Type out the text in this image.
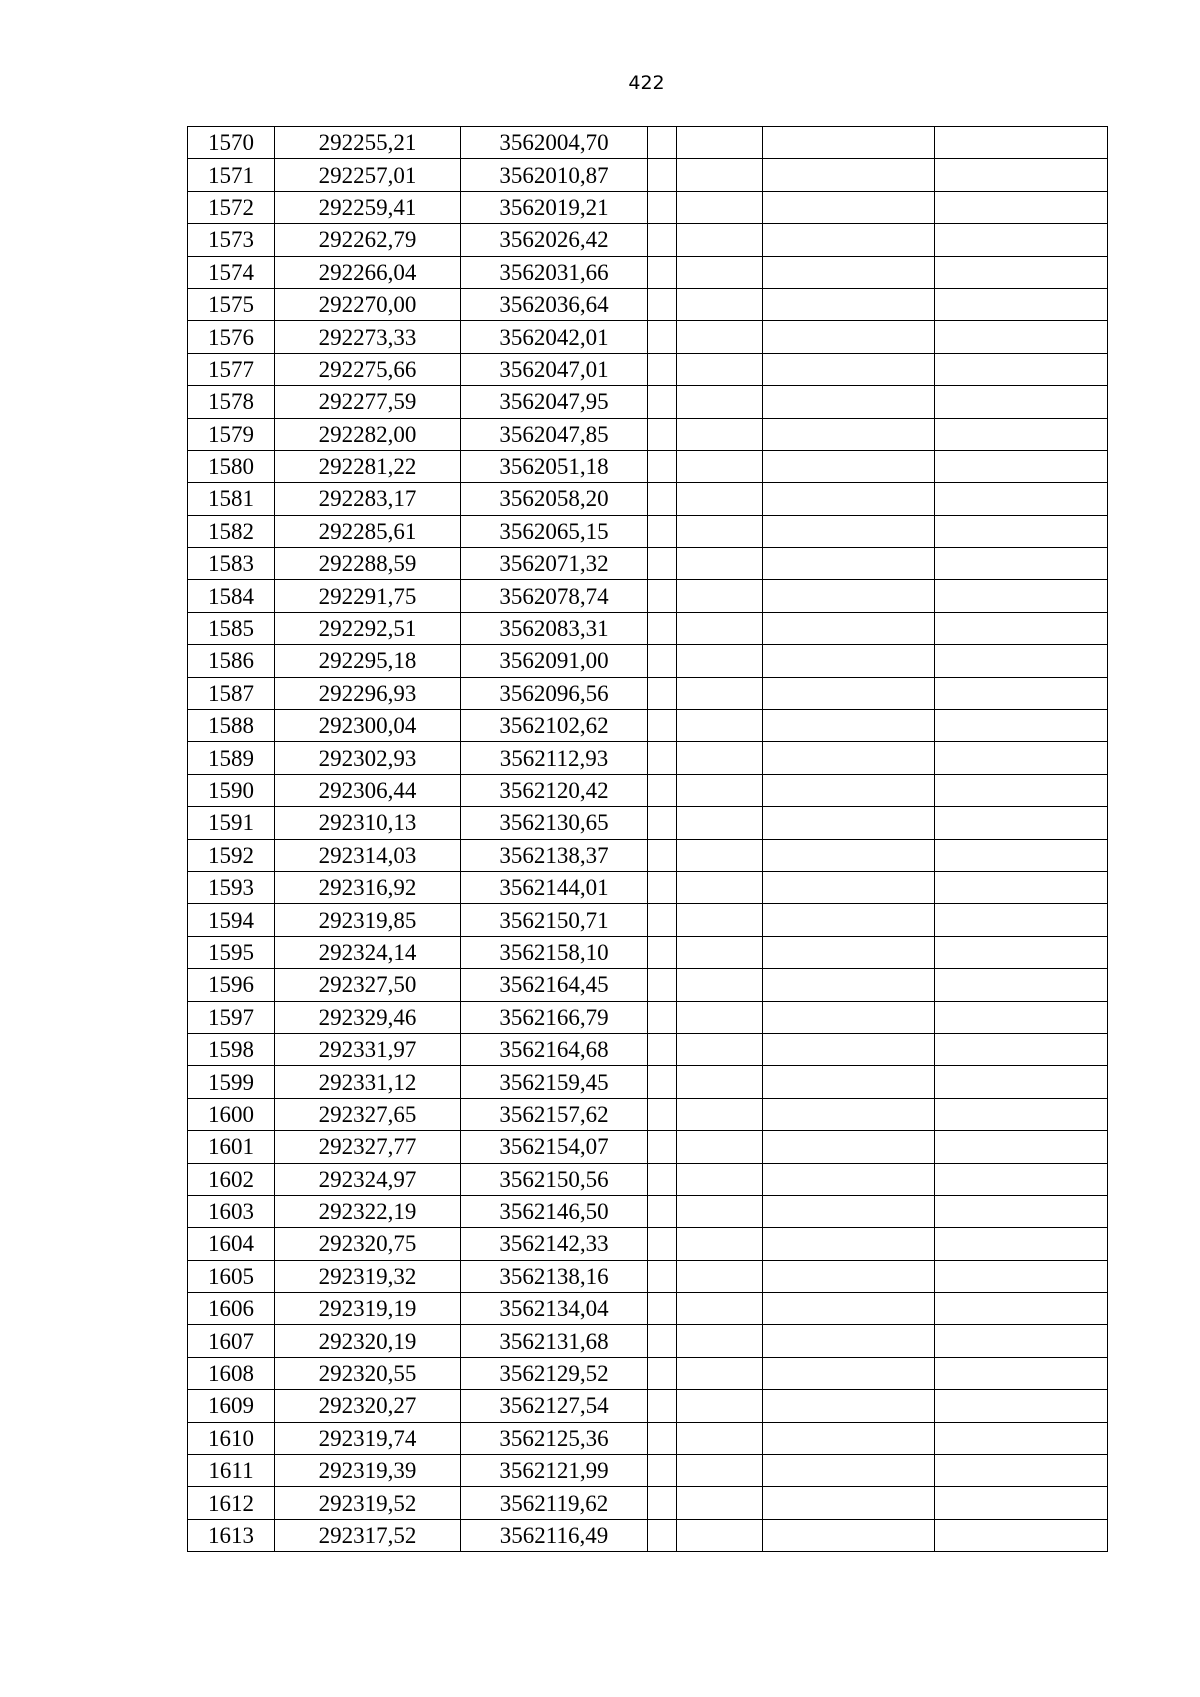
422
1570	292255,21	3562004,70				
1571	292257,01	3562010,87				
1572	292259,41	3562019,21				
1573	292262,79	3562026,42				
1574	292266,04	3562031,66				
1575	292270,00	3562036,64				
1576	292273,33	3562042,01				
1577	292275,66	3562047,01				
1578	292277,59	3562047,95				
1579	292282,00	3562047,85				
1580	292281,22	3562051,18				
1581	292283,17	3562058,20				
1582	292285,61	3562065,15				
1583	292288,59	3562071,32				
1584	292291,75	3562078,74				
1585	292292,51	3562083,31				
1586	292295,18	3562091,00				
1587	292296,93	3562096,56				
1588	292300,04	3562102,62				
1589	292302,93	3562112,93				
1590	292306,44	3562120,42				
1591	292310,13	3562130,65				
1592	292314,03	3562138,37				
1593	292316,92	3562144,01				
1594	292319,85	3562150,71				
1595	292324,14	3562158,10				
1596	292327,50	3562164,45				
1597	292329,46	3562166,79				
1598	292331,97	3562164,68				
1599	292331,12	3562159,45				
1600	292327,65	3562157,62				
1601	292327,77	3562154,07				
1602	292324,97	3562150,56				
1603	292322,19	3562146,50				
1604	292320,75	3562142,33				
1605	292319,32	3562138,16				
1606	292319,19	3562134,04				
1607	292320,19	3562131,68				
1608	292320,55	3562129,52				
1609	292320,27	3562127,54				
1610	292319,74	3562125,36				
1611	292319,39	3562121,99				
1612	292319,52	3562119,62				
1613	292317,52	3562116,49				
